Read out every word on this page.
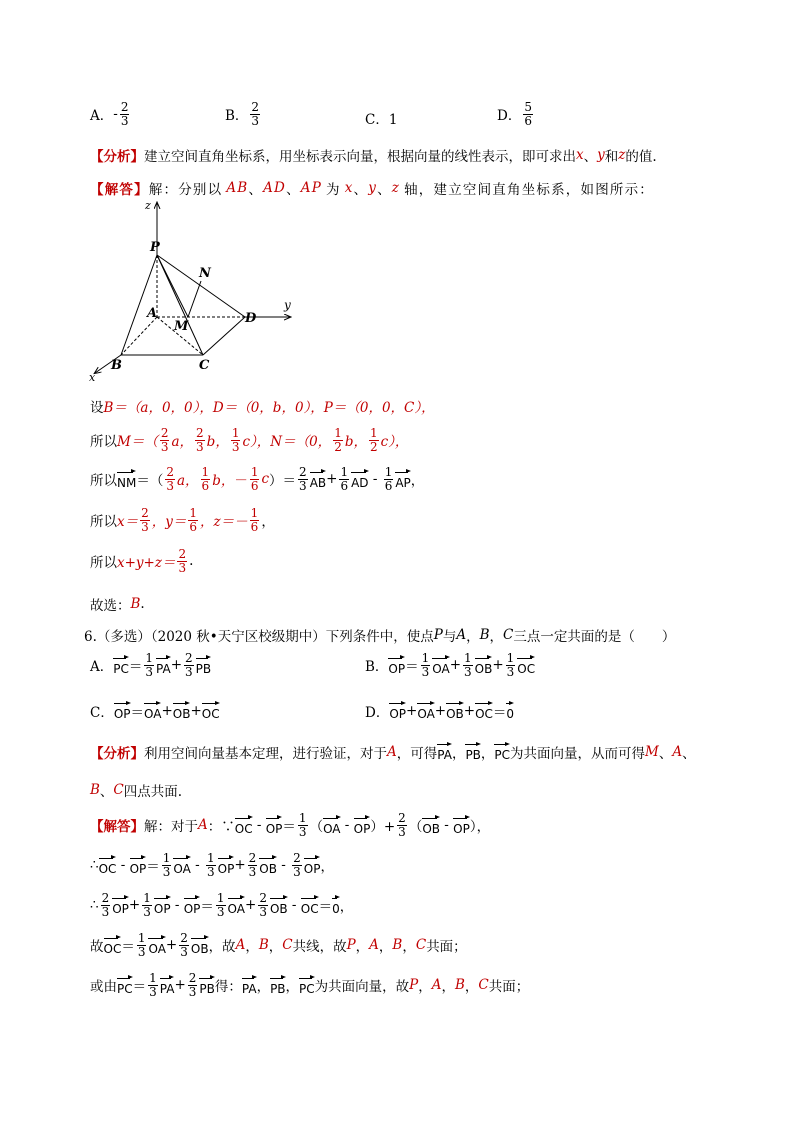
A． - $\frac{2}{3}$	B． $\frac{2}{3}$	C．1	D． $\frac{5}{6}$
【分析】 建立空间直角坐标系，用坐标表示向量，根据向量的线性表示，即可求出 x 、 y 和 z 的值.
【解答】 解：分别以 AB 、 AD 、 AP 为 x 、 y 、 z 轴，建立空间直角坐标系，如图所示：
z
y
x
P
N
A
M
D
B	C
设 B＝（a，0，0），D＝（0，b，0），P＝（0，0，C），
所以 $M=( \frac{2}{3}$ a， $\frac{2}{3}$ b， $\frac{1}{3} c$）， N＝（0， $\frac{1}{2}$ b， $\frac{1}{2} c$），
所以 NM ＝（ $\frac{2}{3}$ a， $\frac{1}{6}$ b， － $\frac{1}{6}$ c ）＝ $\frac{2}{3}$ AB + $\frac{1}{6}$ AD - $\frac{1}{6}$ AP ，
所以 $x= \frac{2}{3}$ ，$y= \frac{1}{6}$ ，$z=- \frac{1}{6}$ ，
所以 $x+y+z= \frac{2}{3}$ .
故选： B .
6.（多选）（2020 秋•天宁区校级期中）下列条件中，使点 P 与 A ， B ， C 三点一定共面的是（　　）
A． PC ＝ $\frac{1}{3}$ PA + $\frac{2}{3}$ PB	B． OP ＝ $\frac{1}{3}$ OA + $\frac{1}{3}$ OB + $\frac{1}{3}$ OC
C． OP ＝ OA + OB + OC	D． OP + OA + OB + OC ＝ 0
【分析】 利用空间向量基本定理，进行验证，对于 A ，可得 PA ， PB ， PC 为共面向量，从而可得 M 、 A 、
B 、 C 四点共面.
【解答】 解：对于 A ：∵ OC - OP ＝ $\frac{1}{3}$ （ OA - OP ）+ $\frac{2}{3}$ （ OB - OP ），
∴ OC - OP ＝ $\frac{1}{3}$ OA - $\frac{1}{3}$ OP + $\frac{2}{3}$ OB - $\frac{2}{3}$ OP ，
∴ $\frac{2}{3}$ OP + $\frac{1}{3}$ OP - OP ＝ $\frac{1}{3}$ OA + $\frac{2}{3}$ OB - OC ＝ 0 ，
故 OC ＝ $\frac{1}{3}$ OA + $\frac{2}{3}$ OB ，故 A ， B ， C 共线，故 P ， A ， B ， C 共面；
或由 PC ＝ $\frac{1}{3}$ PA + $\frac{2}{3}$ PB 得： PA ， PB ， PC 为共面向量，故 P ， A ， B ， C 共面；
